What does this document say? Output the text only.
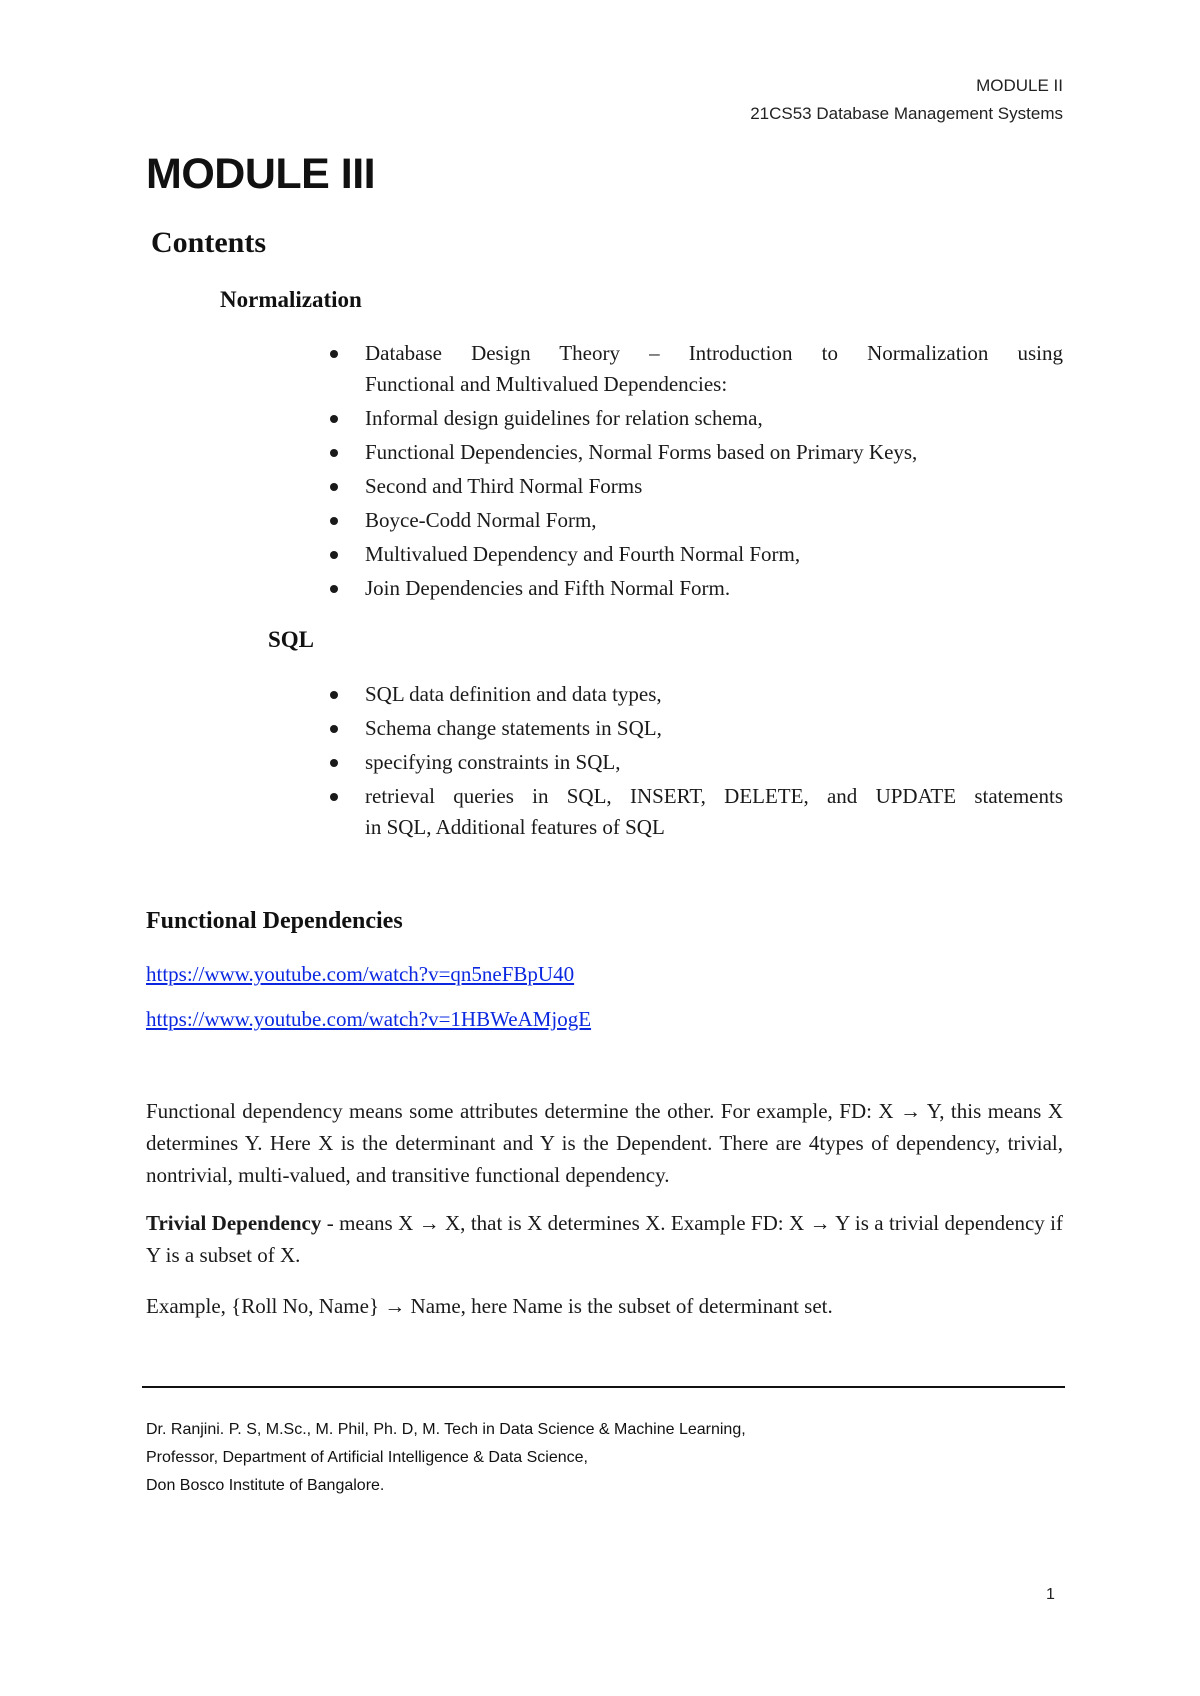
MODULE II
21CS53 Database Management Systems
MODULE III
Contents
Normalization
Database Design Theory – Introduction to Normalization using
Functional and Multivalued Dependencies:
Informal design guidelines for relation schema,
Functional Dependencies, Normal Forms based on Primary Keys,
Second and Third Normal Forms
Boyce-Codd Normal Form,
Multivalued Dependency and Fourth Normal Form,
Join Dependencies and Fifth Normal Form.
SQL
SQL data definition and data types,
Schema change statements in SQL,
specifying constraints in SQL,
retrieval queries in SQL, INSERT, DELETE, and UPDATE statements
in SQL, Additional features of SQL
Functional Dependencies
https://www.youtube.com/watch?v=qn5neFBpU40
https://www.youtube.com/watch?v=1HBWeAMjogE

Functional dependency means some attributes determine the other. For example, FD: X → Y, this means X determines Y. Here X is the determinant and Y is the Dependent. There are 4types of dependency, trivial, nontrivial, multi-valued, and transitive functional dependency.

Trivial Dependency - means X → X, that is X determines X. Example FD: X → Y is a trivial dependency if Y is a subset of X.

Example, {Roll No, Name} → Name, here Name is the subset of determinant set.

Dr. Ranjini. P. S, M.Sc., M. Phil, Ph. D, M. Tech in Data Science & Machine Learning,
Professor, Department of Artificial Intelligence & Data Science,
Don Bosco Institute of Bangalore.
1
